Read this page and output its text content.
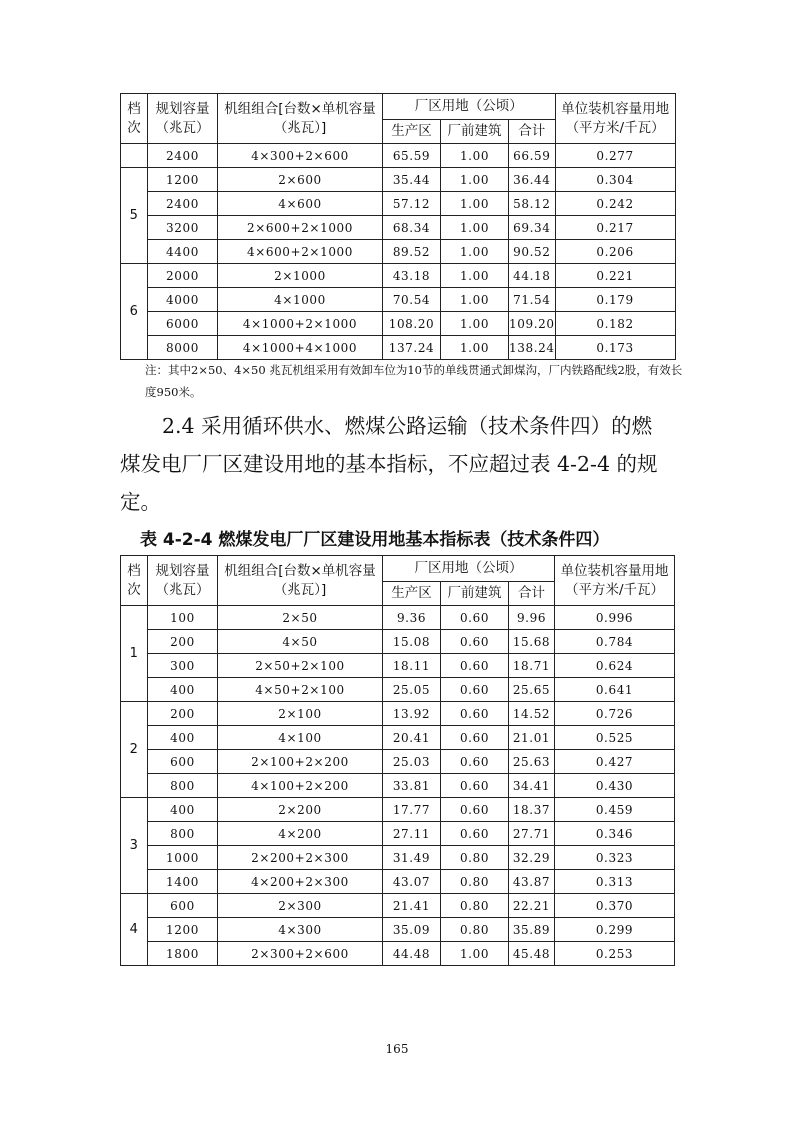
档
次	规划容量
（兆瓦）	机组组合[台数×单机容量
（兆瓦）]	厂区用地（公顷）			单位装机容量用地
（平方米/千瓦）
			生产区	厂前建筑	合计	
	2400	4×300+2×600	65.59	1.00	66.59	0.277
5	1200	2×600	35.44	1.00	36.44	0.304
	2400	4×600	57.12	1.00	58.12	0.242
	3200	2×600+2×1000	68.34	1.00	69.34	0.217
	4400	4×600+2×1000	89.52	1.00	90.52	0.206
6	2000	2×1000	43.18	1.00	44.18	0.221
	4000	4×1000	70.54	1.00	71.54	0.179
	6000	4×1000+2×1000	108.20	1.00	109.20	0.182
	8000	4×1000+4×1000	137.24	1.00	138.24	0.173
注：其中2×50、4×50 兆瓦机组采用有效卸车位为10节的单线贯通式卸煤沟，厂内铁路配线2股，有效长度950米。
2.4 采用循环供水、燃煤公路运输（技术条件四）的燃
煤发电厂厂区建设用地的基本指标，不应超过表 4-2-4 的规
定。
表 4-2-4 燃煤发电厂厂区建设用地基本指标表（技术条件四）
档
次	规划容量
（兆瓦）	机组组合[台数×单机容量
（兆瓦）]	厂区用地（公顷）			单位装机容量用地
（平方米/千瓦）
			生产区	厂前建筑	合计	
1	100	2×50	9.36	0.60	9.96	0.996
	200	4×50	15.08	0.60	15.68	0.784
	300	2×50+2×100	18.11	0.60	18.71	0.624
	400	4×50+2×100	25.05	0.60	25.65	0.641
2	200	2×100	13.92	0.60	14.52	0.726
	400	4×100	20.41	0.60	21.01	0.525
	600	2×100+2×200	25.03	0.60	25.63	0.427
	800	4×100+2×200	33.81	0.60	34.41	0.430
3	400	2×200	17.77	0.60	18.37	0.459
	800	4×200	27.11	0.60	27.71	0.346
	1000	2×200+2×300	31.49	0.80	32.29	0.323
	1400	4×200+2×300	43.07	0.80	43.87	0.313
4	600	2×300	21.41	0.80	22.21	0.370
	1200	4×300	35.09	0.80	35.89	0.299
	1800	2×300+2×600	44.48	1.00	45.48	0.253
165
